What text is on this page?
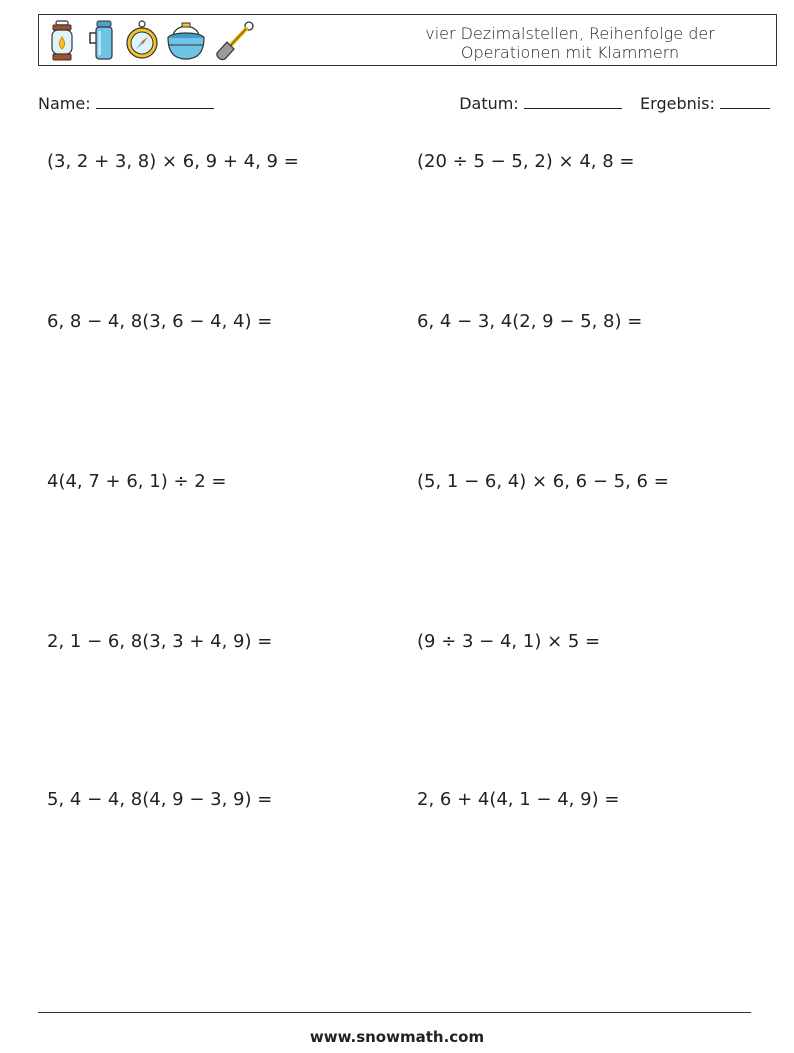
vier Dezimalstellen, Reihenfolge der
Operationen mit Klammern
Name:	Datum:	Ergebnis:
(3, 2 + 3, 8) × 6, 9 + 4, 9 =	(20 ÷ 5 − 5, 2) × 4, 8 =
6, 8 − 4, 8(3, 6 − 4, 4) =	6, 4 − 3, 4(2, 9 − 5, 8) =
4(4, 7 + 6, 1) ÷ 2 =	(5, 1 − 6, 4) × 6, 6 − 5, 6 =
2, 1 − 6, 8(3, 3 + 4, 9) =	(9 ÷ 3 − 4, 1) × 5 =
5, 4 − 4, 8(4, 9 − 3, 9) =	2, 6 + 4(4, 1 − 4, 9) =
www.snowmath.com
